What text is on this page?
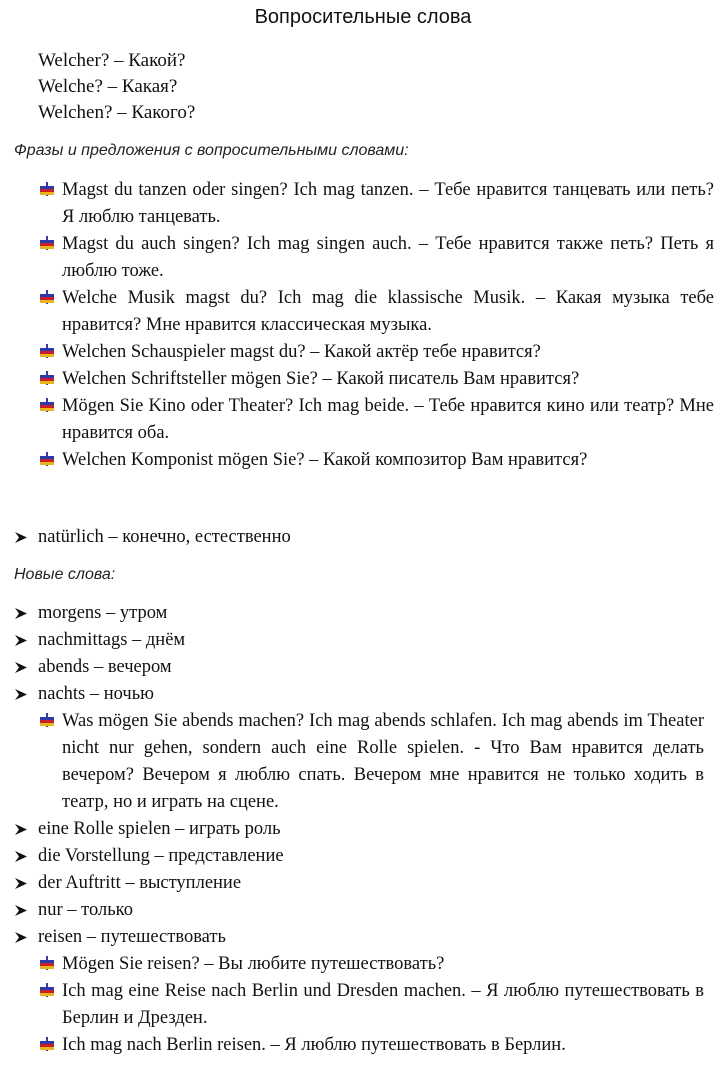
Вопросительные слова
Welcher? – Какой?
Welche? – Какая?
Welchen? – Какого?
Фразы и предложения с вопросительными словами:
Magst du tanzen oder singen? Ich mag tanzen. – Тебе нравится танцевать или петь? Я люблю танцевать.
Magst du auch singen? Ich mag singen auch. – Тебе нравится также петь? Петь я люблю тоже.
Welche Musik magst du? Ich mag die klassische Musik. – Какая музыка тебе нравится? Мне нравится классическая музыка.
Welchen Schauspieler magst du? – Какой актёр тебе нравится?
Welchen Schriftsteller mögen Sie? – Какой писатель Вам нравится?
Mögen Sie Kino oder Theater? Ich mag beide. – Тебе нравится кино или театр? Мне нравится оба.
Welchen Komponist mögen Sie? – Какой композитор Вам нравится?
natürlich – конечно, естественно
Новые слова:
morgens – утром
nachmittags – днём
abends – вечером
nachts – ночью
Was mögen Sie abends machen? Ich mag abends schlafen. Ich mag abends im Theater nicht nur gehen, sondern auch eine Rolle spielen. - Что Вам нравится делать вечером? Вечером я люблю спать. Вечером мне нравится не только ходить в театр, но и играть на сцене.
eine Rolle spielen – играть роль
die Vorstellung – представление
der Auftritt – выступление
nur – только
reisen – путешествовать
Mögen Sie reisen? – Вы любите путешествовать?
Ich mag eine Reise nach Berlin und Dresden machen. – Я люблю путешествовать в Берлин и Дрезден.
Ich mag nach Berlin reisen. – Я люблю путешествовать в Берлин.
